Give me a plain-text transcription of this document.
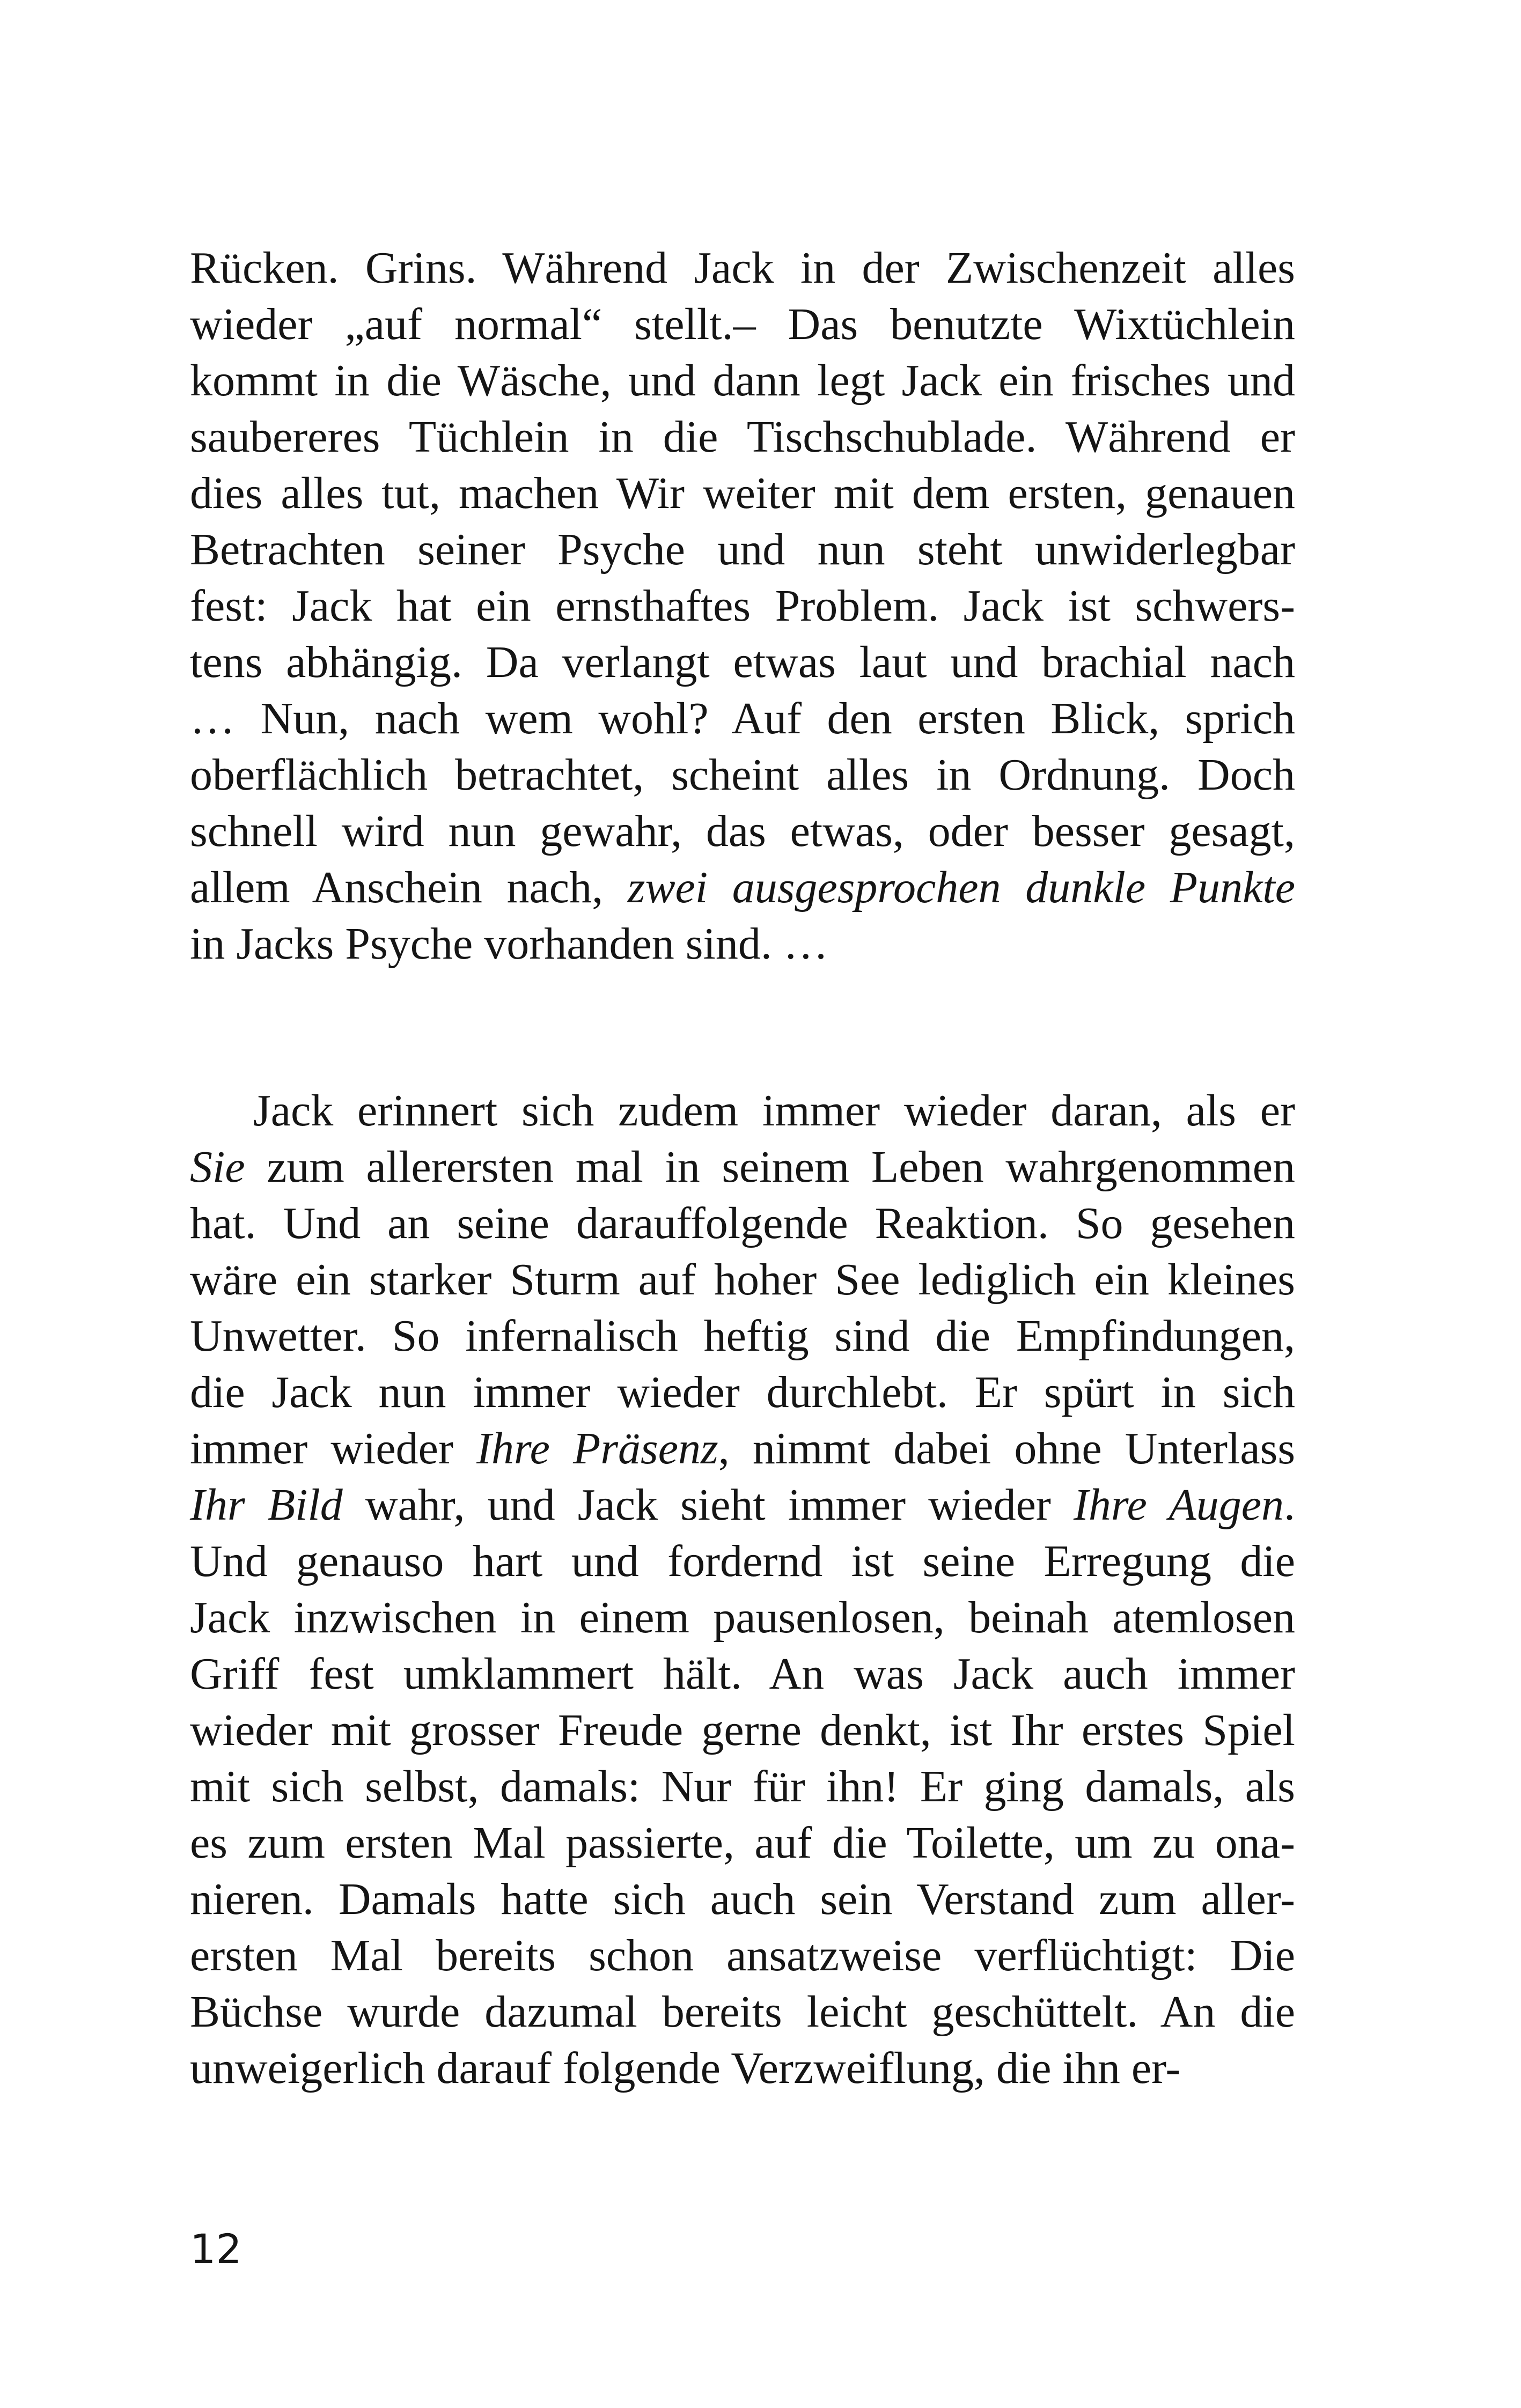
Rücken. Grins. Während Jack in der Zwischenzeit alles
wieder „auf normal“ stellt.– Das benutzte Wixtüchlein
kommt in die Wäsche, und dann legt Jack ein frisches und
saubereres Tüchlein in die Tischschublade. Während er
dies alles tut, machen Wir weiter mit dem ersten, genauen
Betrachten seiner Psyche und nun steht unwiderlegbar
fest: Jack hat ein ernsthaftes Problem. Jack ist schwers-
tens abhängig. Da verlangt etwas laut und brachial nach
… Nun, nach wem wohl? Auf den ersten Blick, sprich
oberflächlich betrachtet, scheint alles in Ordnung. Doch
schnell wird nun gewahr, das etwas, oder besser gesagt,
allem Anschein nach, zwei ausgesprochen dunkle Punkte
in Jacks Psyche vorhanden sind. …
Jack erinnert sich zudem immer wieder daran, als er
Sie zum allerersten mal in seinem Leben wahrgenommen
hat. Und an seine darauffolgende Reaktion. So gesehen
wäre ein starker Sturm auf hoher See lediglich ein kleines
Unwetter. So infernalisch heftig sind die Empfindungen,
die Jack nun immer wieder durchlebt. Er spürt in sich
immer wieder Ihre Präsenz, nimmt dabei ohne Unterlass
Ihr Bild wahr, und Jack sieht immer wieder Ihre Augen.
Und genauso hart und fordernd ist seine Erregung die
Jack inzwischen in einem pausenlosen, beinah atemlosen
Griff fest umklammert hält. An was Jack auch immer
wieder mit grosser Freude gerne denkt, ist Ihr erstes Spiel
mit sich selbst, damals: Nur für ihn! Er ging damals, als
es zum ersten Mal passierte, auf die Toilette, um zu ona-
nieren. Damals hatte sich auch sein Verstand zum aller-
ersten Mal bereits schon ansatzweise verflüchtigt: Die
Büchse wurde dazumal bereits leicht geschüttelt. An die
unweigerlich darauf folgende Verzweiflung, die ihn er-
12
